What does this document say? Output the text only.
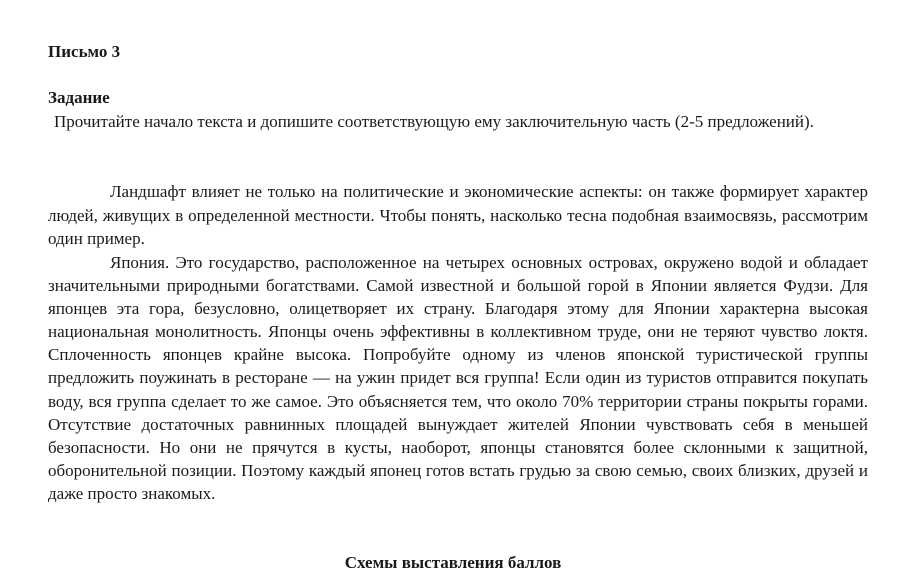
Письмо 3
Задание
Прочитайте начало текста и допишите соответствующую ему заключительную часть (2-5 предложений).
Ландшафт влияет не только на политические и экономические аспекты: он также формирует характер людей, живущих в определенной местности. Чтобы понять, насколько тесна подобная взаимосвязь, рассмотрим один пример.
Япония. Это государство, расположенное на четырех основных островах, окружено водой и обладает значительными природными богатствами. Самой известной и большой горой в Японии является Фудзи. Для японцев эта гора, безусловно, олицетворяет их страну. Благодаря этому для Японии характерна высокая национальная монолитность. Японцы очень эффективны в коллективном труде, они не теряют чувство локтя. Сплоченность японцев крайне высока. Попробуйте одному из членов японской туристической группы предложить поужинать в ресторане — на ужин придет вся группа! Если один из туристов отправится покупать воду, вся группа сделает то же самое. Это объясняется тем, что около 70% территории страны покрыты горами. Отсутствие достаточных равнинных площадей вынуждает жителей Японии чувствовать себя в меньшей безопасности. Но они не прячутся в кусты, наоборот, японцы становятся более склонными к защитной, оборонительной позиции. Поэтому каждый японец готов встать грудью за свою семью, своих близких, друзей и даже просто знакомых.
Схемы выставления баллов
